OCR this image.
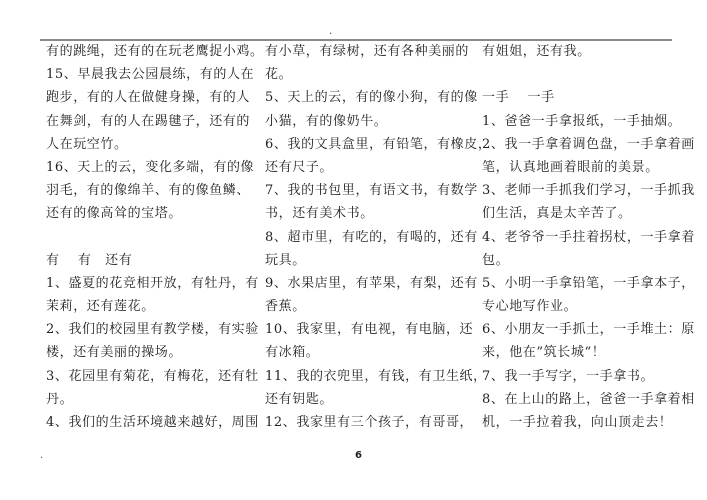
.
有的跳绳，还有的在玩老鹰捉小鸡。
15、早晨我去公园晨练，有的人在
跑步，有的人在做健身操，有的人
在舞剑，有的人在踢毽子，还有的
人在玩空竹。
16、天上的云，变化多端，有的像
羽毛，有的像绵羊、有的像鱼鳞、
还有的像高耸的宝塔。
有　 有　还有
1、盛夏的花竞相开放，有牡丹，有
茉莉，还有莲花。
2、我们的校园里有教学楼，有实验
楼，还有美丽的操场。
3、花园里有菊花，有梅花，还有牡
丹。
4、我们的生活环境越来越好，周围
有小草，有绿树，还有各种美丽的
花。
5、天上的云，有的像小狗，有的像
小猫，有的像奶牛。
6、我的文具盒里，有铅笔，有橡皮，
还有尺子。
7、我的书包里，有语文书，有数学
书，还有美术书。
8、超市里，有吃的，有喝的，还有
玩具。
9、水果店里，有苹果，有梨，还有
香蕉。
10、我家里，有电视，有电脑，还
有冰箱。
11、我的衣兜里，有钱，有卫生纸，
还有钥匙。
12、我家里有三个孩子，有哥哥，
有姐姐，还有我。
一手　 一手
1、爸爸一手拿报纸，一手抽烟。
2、我一手拿着调色盘，一手拿着画
笔，认真地画着眼前的美景。
3、老师一手抓我们学习，一手抓我
们生活，真是太辛苦了。
4、老爷爷一手拄着拐杖，一手拿着
包。
5、小明一手拿铅笔，一手拿本子，
专心地写作业。
6、小朋友一手抓土，一手堆土：原
来，他在”筑长城“！
7、我一手写字，一手拿书。
8、在上山的路上，爸爸一手拿着相
机，一手拉着我，向山顶走去！
.	6
